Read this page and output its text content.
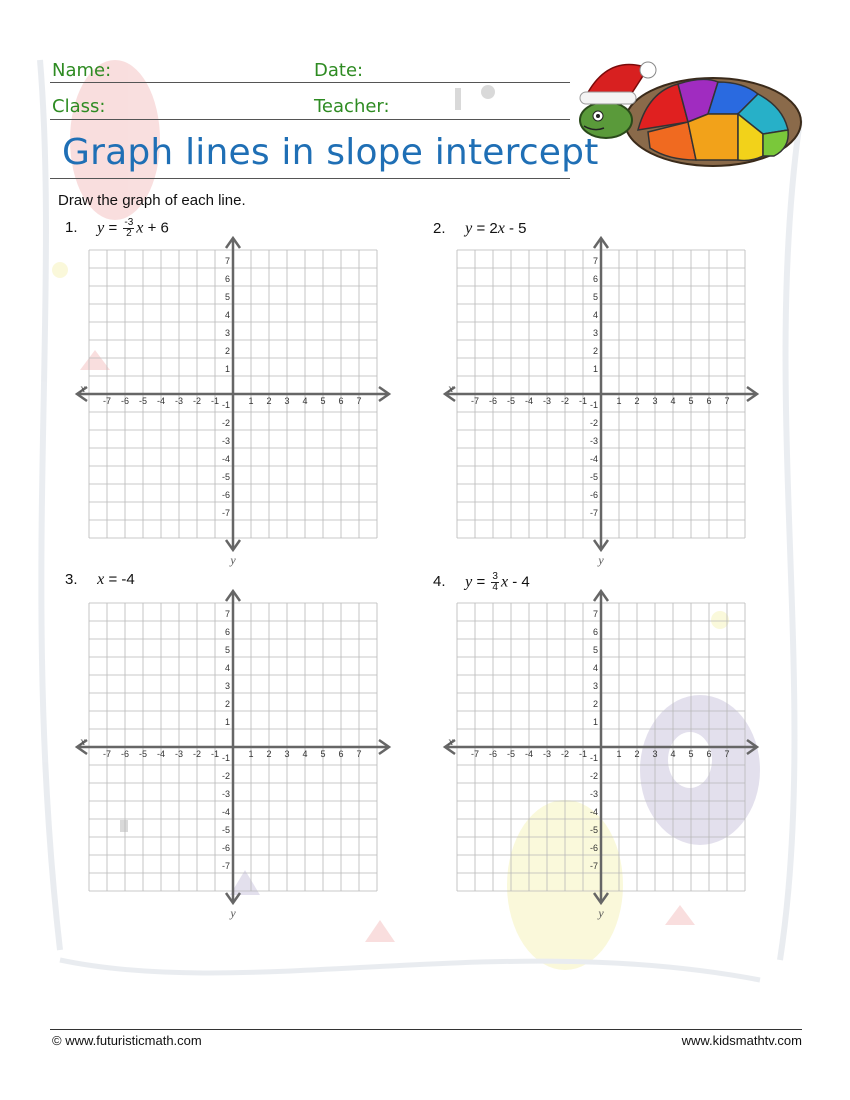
Name:	Date:
Class:	Teacher:
Graph lines in slope intercept
Draw the graph of each line.
1. $y = \frac{-3}{2}$ x + 6	2. y = 2x - 5
3. x = -4	4. $y = \frac{3}{4}$ x - 4
-7 -6 -5 -4 -3 -2 -1	1 2 3 4 5 6 7
7
6
5
4
3
2
1
-1
-2
-3
-4
-5
-6
-7
x
y
-7 -6 -5 -4 -3 -2 -1	1 2 3 4 5 6 7
7
6
5
4
3
2
1
-1
-2
-3
-4
-5
-6
-7
x
y
-7 -6 -5 -4 -3 -2 -1	1 2 3 4 5 6 7
7
6
5
4
3
2
1
-1
-2
-3
-4
-5
-6
-7
x
y
-7 -6 -5 -4 -3 -2 -1	1 2 3 4 5 6 7
7
6
5
4
3
2
1
-1
-2
-3
-4
-5
-6
-7
x
y
© www.futuristicmath.com	www.kidsmathtv.com
